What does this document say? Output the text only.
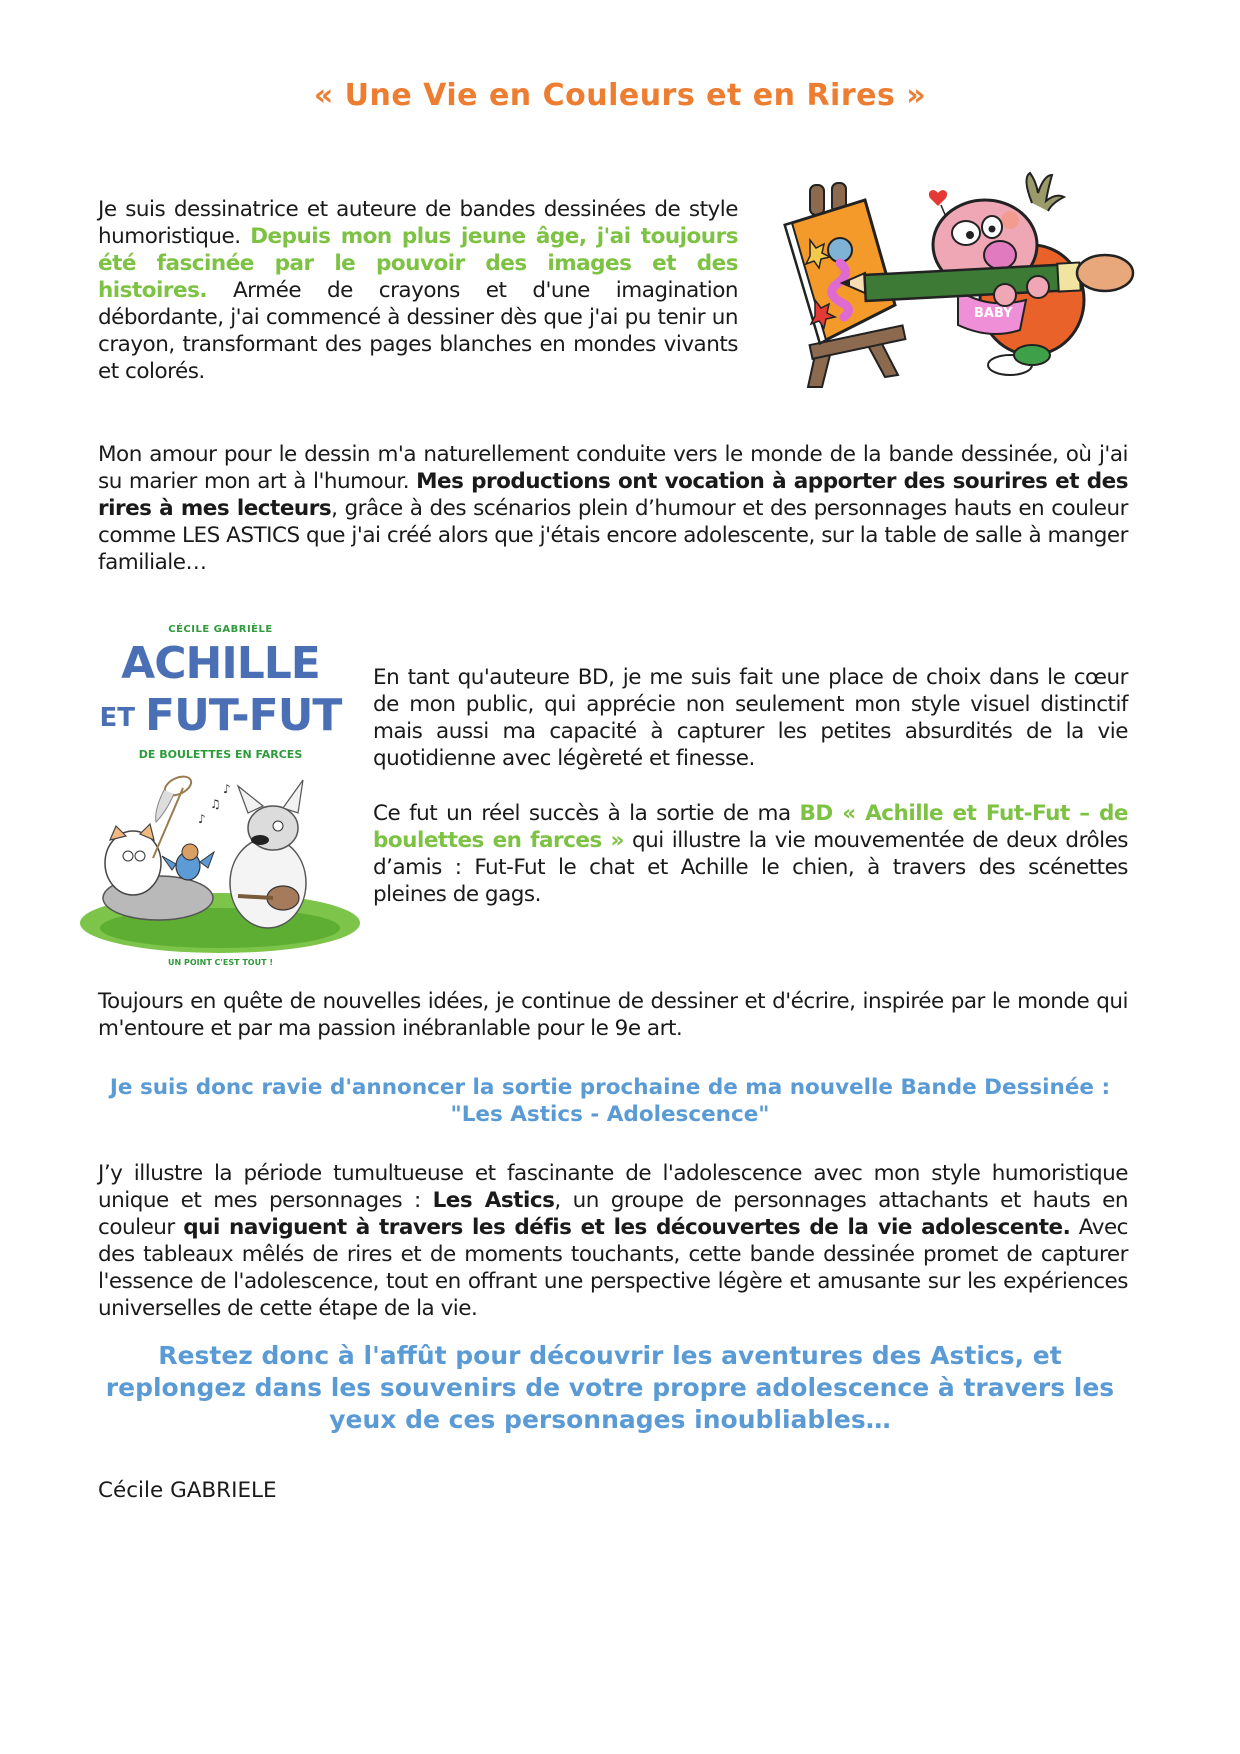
« Une Vie en Couleurs et en Rires »

Je suis dessinatrice et auteure de bandes dessinées de style humoristique. Depuis mon plus jeune âge, j'ai toujours été fascinée par le pouvoir des images et des histoires. Armée de crayons et d'une imagination débordante, j'ai commencé à dessiner dès que j'ai pu tenir un crayon, transformant des pages blanches en mondes vivants et colorés.

BABY

Mon amour pour le dessin m'a naturellement conduite vers le monde de la bande dessinée, où j'ai su marier mon art à l'humour. Mes productions ont vocation à apporter des sourires et des rires à mes lecteurs, grâce à des scénarios plein d’humour et des personnages hauts en couleur comme LES ASTICS que j'ai créé alors que j'étais encore adolescente, sur la table de salle à manger familiale…

CÉCILE GABRIÈLE
ACHILLE
ET FUT-FUT
DE BOULETTES EN FARCES
♪
♫
♪
UN POINT C'EST TOUT !

En tant qu'auteure BD, je me suis fait une place de choix dans le cœur de mon public, qui apprécie non seulement mon style visuel distinctif mais aussi ma capacité à capturer les petites absurdités de la vie quotidienne avec légèreté et finesse.

Ce fut un réel succès à la sortie de ma BD « Achille et Fut-Fut – de boulettes en farces » qui illustre la vie mouvementée de deux drôles d’amis : Fut-Fut le chat et Achille le chien, à travers des scénettes pleines de gags.

Toujours en quête de nouvelles idées, je continue de dessiner et d'écrire, inspirée par le monde qui m'entoure et par ma passion inébranlable pour le 9e art.

Je suis donc ravie d'annoncer la sortie prochaine de ma nouvelle Bande Dessinée :
"Les Astics - Adolescence"

J’y illustre la période tumultueuse et fascinante de l'adolescence avec mon style humoristique unique et mes personnages : Les Astics, un groupe de personnages attachants et hauts en couleur qui naviguent à travers les défis et les découvertes de la vie adolescente. Avec des tableaux mêlés de rires et de moments touchants, cette bande dessinée promet de capturer l'essence de l'adolescence, tout en offrant une perspective légère et amusante sur les expériences universelles de cette étape de la vie.

Restez donc à l'affût pour découvrir les aventures des Astics, et replongez dans les souvenirs de votre propre adolescence à travers les yeux de ces personnages inoubliables…
Cécile GABRIELE
